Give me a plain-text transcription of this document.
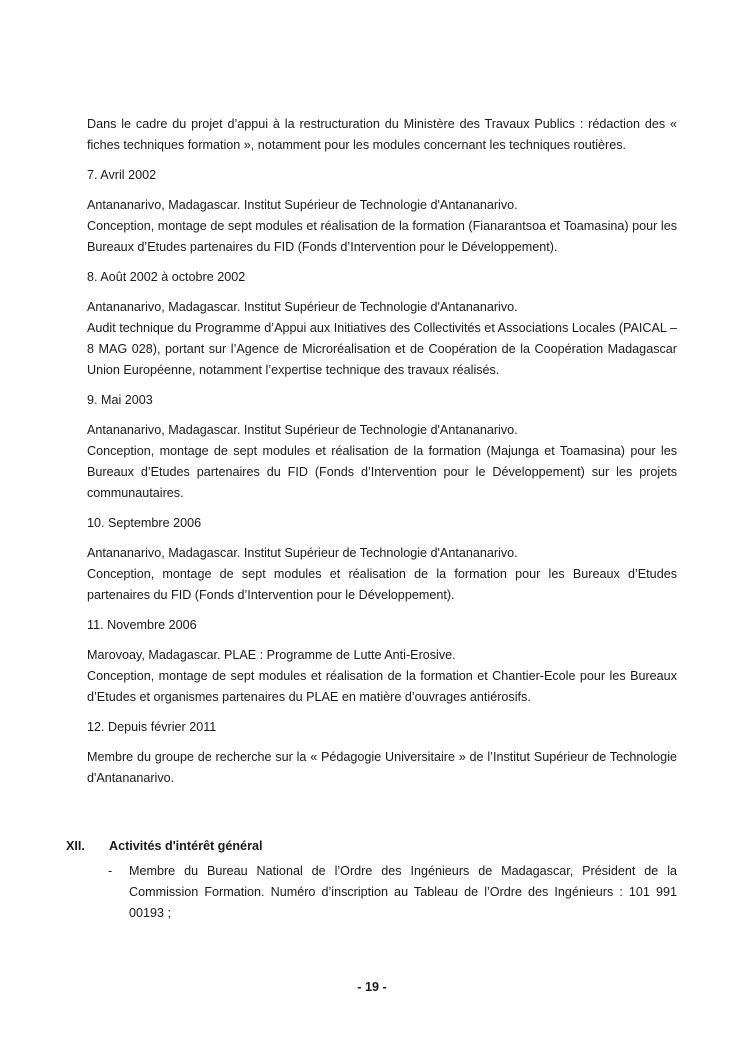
Dans le cadre du projet d’appui à la restructuration du Ministère des Travaux Publics : rédaction des « fiches techniques formation », notamment pour les modules concernant les techniques routières.

7. Avril 2002

Antananarivo, Madagascar. Institut Supérieur de Technologie d'Antananarivo.

Conception, montage de sept modules et réalisation de la formation (Fianarantsoa et Toamasina) pour les Bureaux d’Etudes partenaires du FID (Fonds d’Intervention pour le Développement).

8. Août 2002 à octobre 2002

Antananarivo, Madagascar. Institut Supérieur de Technologie d'Antananarivo.

Audit technique du Programme d’Appui aux Initiatives des Collectivités et Associations Locales (PAICAL – 8 MAG 028), portant sur l’Agence de Microréalisation et de Coopération de la Coopération Madagascar Union Européenne, notamment l’expertise technique des travaux réalisés.

9. Mai 2003

Antananarivo, Madagascar. Institut Supérieur de Technologie d'Antananarivo.

Conception, montage de sept modules et réalisation de la formation (Majunga et Toamasina) pour les Bureaux d’Etudes partenaires du FID (Fonds d’Intervention pour le Développement) sur les projets communautaires.

10. Septembre 2006

Antananarivo, Madagascar. Institut Supérieur de Technologie d'Antananarivo.

Conception, montage de sept modules et réalisation de la formation pour les Bureaux d’Etudes partenaires du FID (Fonds d’Intervention pour le Développement).

11. Novembre 2006

Marovoay, Madagascar. PLAE : Programme de Lutte Anti-Erosive.

Conception, montage de sept modules et réalisation de la formation et Chantier-Ecole pour les Bureaux d’Etudes et organismes partenaires du PLAE en matière d’ouvrages antiérosifs.

12. Depuis février 2011

Membre du groupe de recherche sur la « Pédagogie Universitaire » de l’Institut Supérieur de Technologie d'Antananarivo.

XII.	Activités d'intérêt général
-	Membre du Bureau National de l’Ordre des Ingénieurs de Madagascar, Président de la Commission Formation. Numéro d’inscription au Tableau de l’Ordre des Ingénieurs : 101 991 00193 ;
- 19 -
